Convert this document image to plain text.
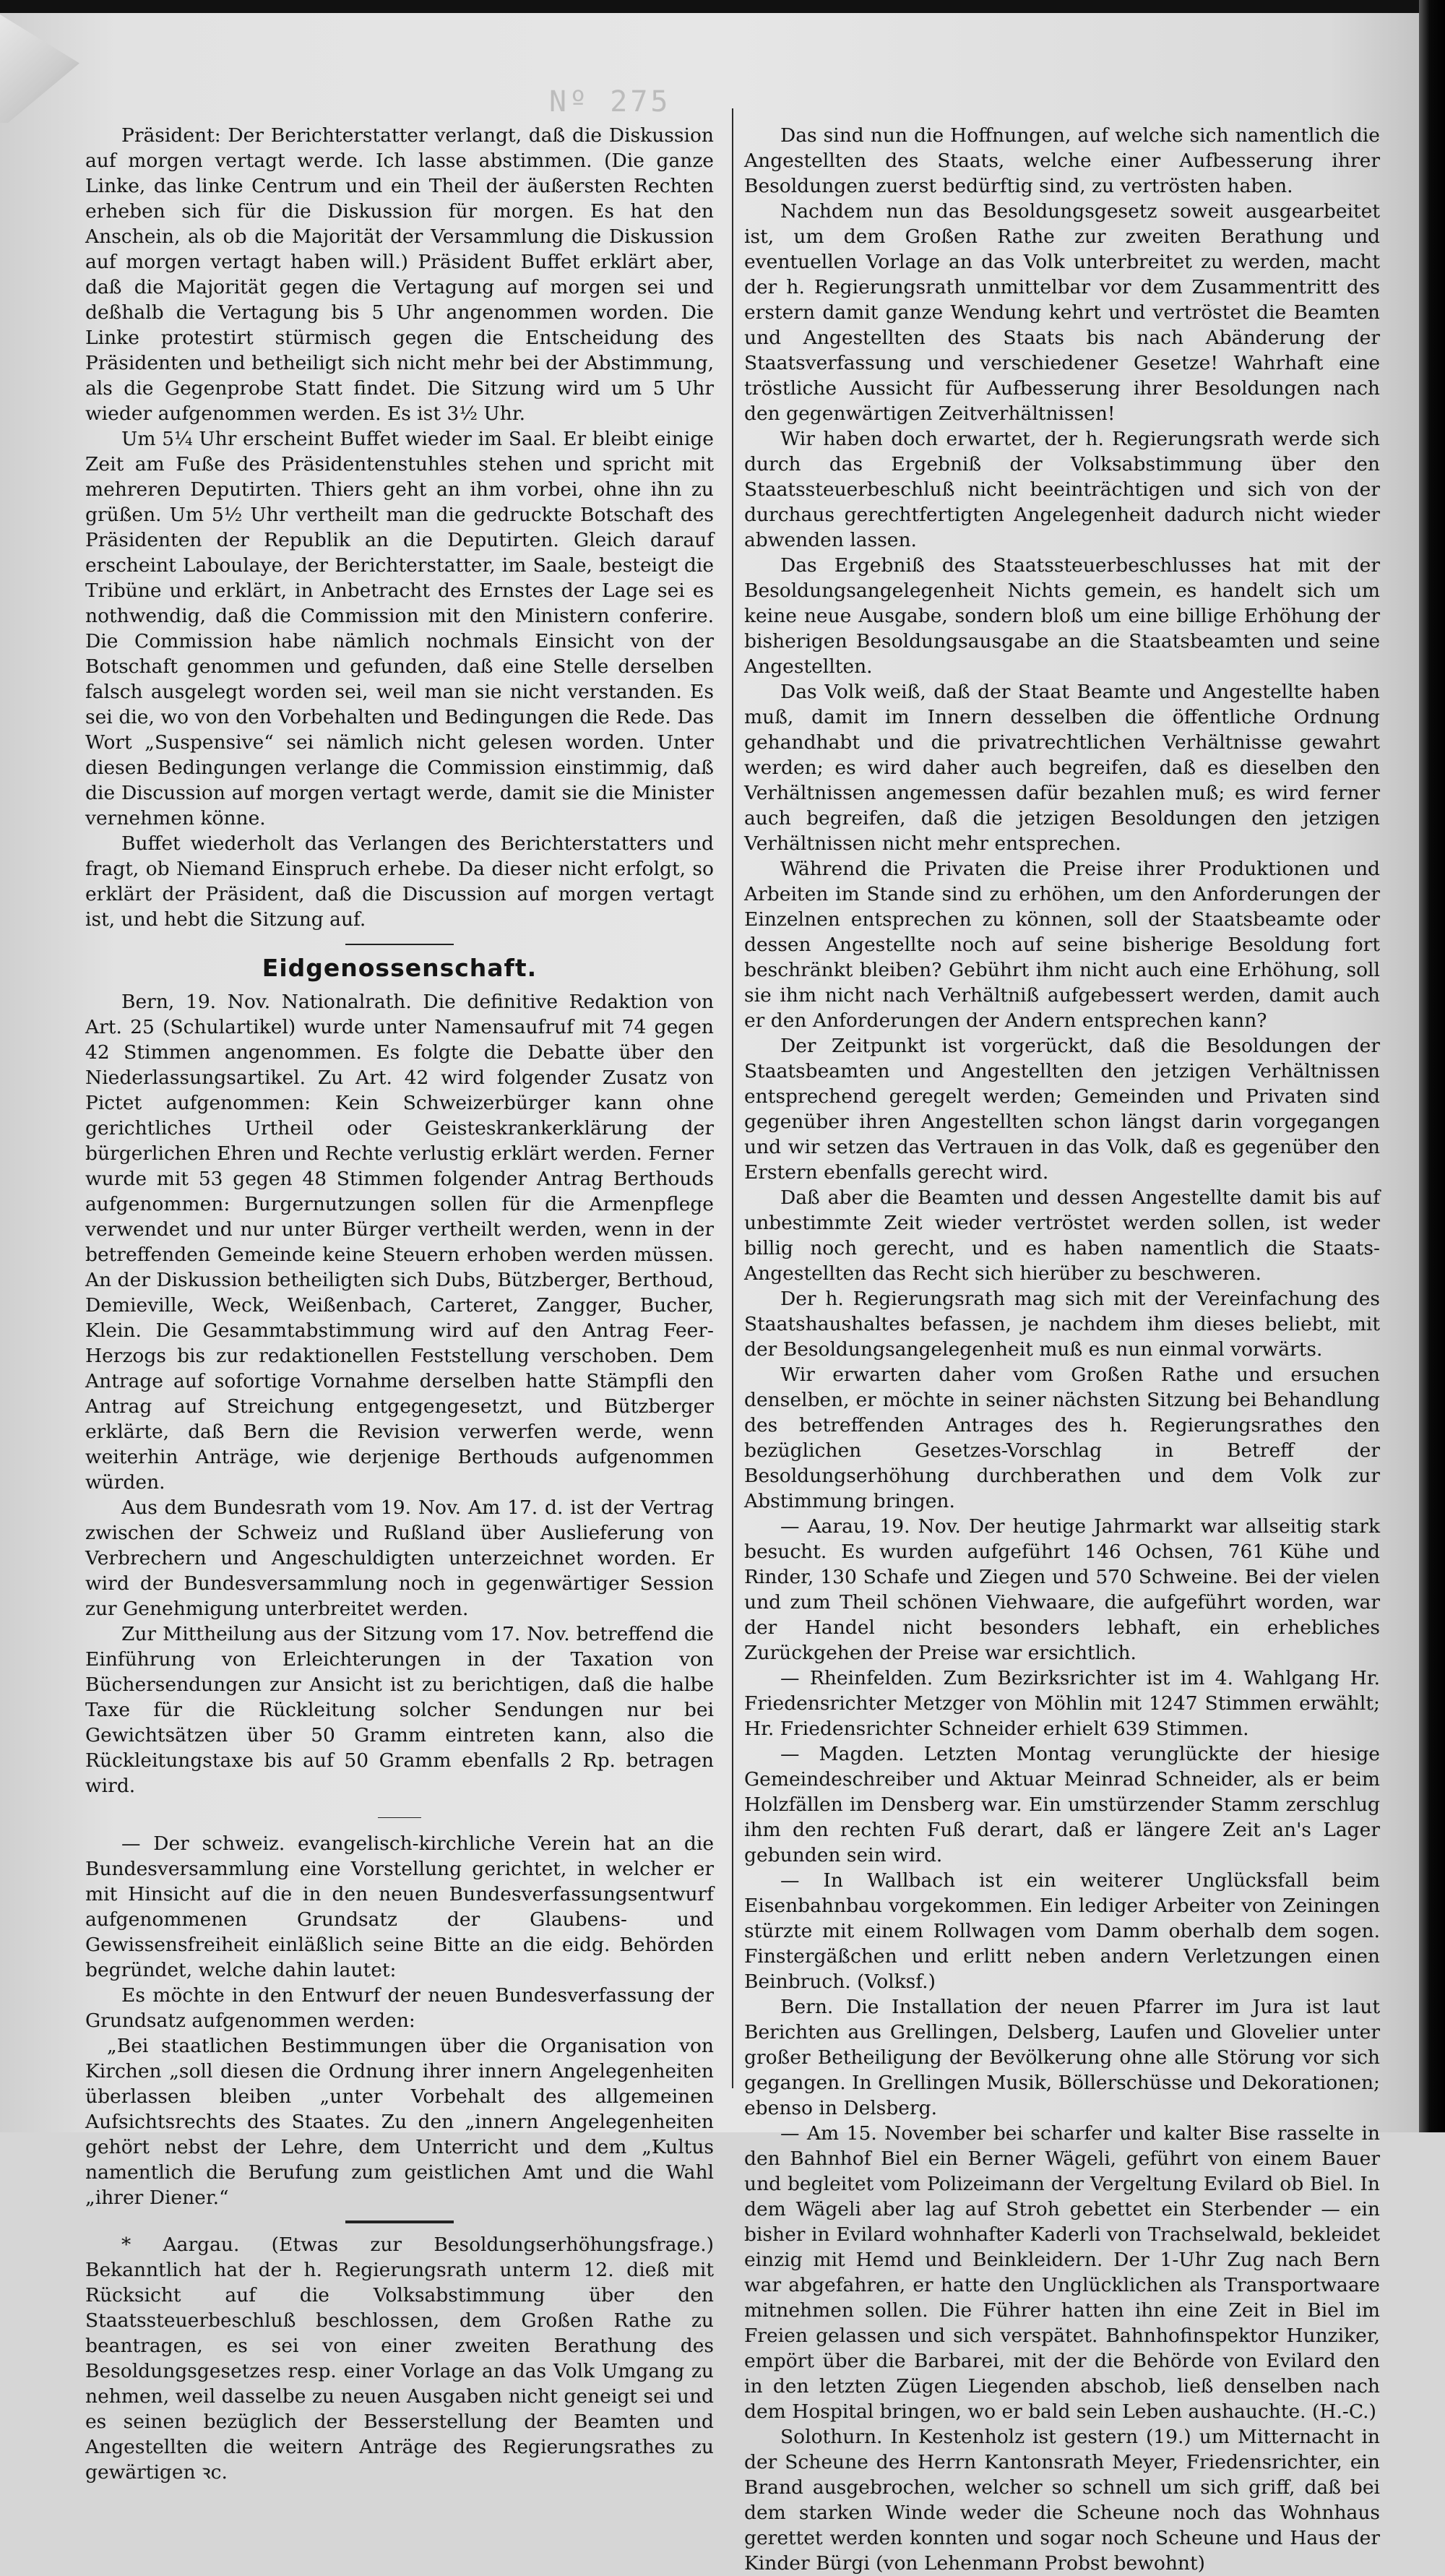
Nº 275

Präsident: Der Berichterstatter verlangt, daß die Diskussion auf morgen vertagt werde. Ich lasse abstimmen. (Die ganze Linke, das linke Centrum und ein Theil der äußersten Rechten erheben sich für die Diskussion für morgen. Es hat den Anschein, als ob die Majorität der Versammlung die Diskussion auf morgen vertagt haben will.) Präsident Buffet erklärt aber, daß die Majorität gegen die Vertagung auf morgen sei und deßhalb die Vertagung bis 5 Uhr angenommen worden. Die Linke protestirt stürmisch gegen die Entscheidung des Präsidenten und betheiligt sich nicht mehr bei der Abstimmung, als die Gegenprobe Statt findet. Die Sitzung wird um 5 Uhr wieder aufgenommen werden. Es ist 3½ Uhr.

Um 5¼ Uhr erscheint Buffet wieder im Saal. Er bleibt einige Zeit am Fuße des Präsidentenstuhles stehen und spricht mit mehreren Deputirten. Thiers geht an ihm vorbei, ohne ihn zu grüßen. Um 5½ Uhr vertheilt man die gedruckte Botschaft des Präsidenten der Republik an die Deputirten. Gleich darauf erscheint Laboulaye, der Berichterstatter, im Saale, besteigt die Tribüne und erklärt, in Anbetracht des Ernstes der Lage sei es nothwendig, daß die Commission mit den Ministern conferire. Die Commission habe nämlich nochmals Einsicht von der Botschaft genommen und gefunden, daß eine Stelle derselben falsch ausgelegt worden sei, weil man sie nicht verstanden. Es sei die, wo von den Vorbehalten und Bedingungen die Rede. Das Wort „Suspensive“ sei nämlich nicht gelesen worden. Unter diesen Bedingungen verlange die Commission einstimmig, daß die Discussion auf morgen vertagt werde, damit sie die Minister vernehmen könne.

Buffet wiederholt das Verlangen des Berichterstatters und fragt, ob Niemand Einspruch erhebe. Da dieser nicht erfolgt, so erklärt der Präsident, daß die Discussion auf morgen vertagt ist, und hebt die Sitzung auf.

Eidgenossenschaft.

Bern, 19. Nov. Nationalrath. Die definitive Redaktion von Art. 25 (Schulartikel) wurde unter Namensaufruf mit 74 gegen 42 Stimmen angenommen. Es folgte die Debatte über den Niederlassungsartikel. Zu Art. 42 wird folgender Zusatz von Pictet aufgenommen: Kein Schweizerbürger kann ohne gerichtliches Urtheil oder Geisteskrankerklärung der bürgerlichen Ehren und Rechte verlustig erklärt werden. Ferner wurde mit 53 gegen 48 Stimmen folgender Antrag Berthouds aufgenommen: Burgernutzungen sollen für die Armenpflege verwendet und nur unter Bürger vertheilt werden, wenn in der betreffenden Gemeinde keine Steuern erhoben werden müssen. An der Diskussion betheiligten sich Dubs, Bützberger, Berthoud, Demieville, Weck, Weißenbach, Carteret, Zangger, Bucher, Klein. Die Gesammtabstimmung wird auf den Antrag Feer-Herzogs bis zur redaktionellen Feststellung verschoben. Dem Antrage auf sofortige Vornahme derselben hatte Stämpfli den Antrag auf Streichung entgegengesetzt, und Bützberger erklärte, daß Bern die Revision verwerfen werde, wenn weiterhin Anträge, wie derjenige Berthouds aufgenommen würden.

Aus dem Bundesrath vom 19. Nov. Am 17. d. ist der Vertrag zwischen der Schweiz und Rußland über Auslieferung von Verbrechern und Angeschuldigten unterzeichnet worden. Er wird der Bundesversammlung noch in gegenwärtiger Session zur Genehmigung unterbreitet werden.

Zur Mittheilung aus der Sitzung vom 17. Nov. betreffend die Einführung von Erleichterungen in der Taxation von Büchersendungen zur Ansicht ist zu berichtigen, daß die halbe Taxe für die Rückleitung solcher Sendungen nur bei Gewichtsätzen über 50 Gramm eintreten kann, also die Rückleitungstaxe bis auf 50 Gramm ebenfalls 2 Rp. betragen wird.

— Der schweiz. evangelisch-kirchliche Verein hat an die Bundesversammlung eine Vorstellung gerichtet, in welcher er mit Hinsicht auf die in den neuen Bundesverfassungsentwurf aufgenommenen Grundsatz der Glaubens- und Gewissensfreiheit einläßlich seine Bitte an die eidg. Behörden begründet, welche dahin lautet:

Es möchte in den Entwurf der neuen Bundesverfassung der Grundsatz aufgenommen werden:

„Bei staatlichen Bestimmungen über die Organisation von Kirchen „soll diesen die Ordnung ihrer innern Angelegenheiten überlassen bleiben „unter Vorbehalt des allgemeinen Aufsichtsrechts des Staates. Zu den „innern Angelegenheiten gehört nebst der Lehre, dem Unterricht und dem „Kultus namentlich die Berufung zum geistlichen Amt und die Wahl „ihrer Diener.“

* Aargau. (Etwas zur Besoldungserhöhungsfrage.) Bekanntlich hat der h. Regierungsrath unterm 12. dieß mit Rücksicht auf die Volksabstimmung über den Staatssteuerbeschluß beschlossen, dem Großen Rathe zu beantragen, es sei von einer zweiten Berathung des Besoldungsgesetzes resp. einer Vorlage an das Volk Umgang zu nehmen, weil dasselbe zu neuen Ausgaben nicht geneigt sei und es seinen bezüglich der Besserstellung der Beamten und Angestellten die weitern Anträge des Regierungsrathes zu gewärtigen ꝛc.

Das sind nun die Hoffnungen, auf welche sich namentlich die Angestellten des Staats, welche einer Aufbesserung ihrer Besoldungen zuerst bedürftig sind, zu vertrösten haben.

Nachdem nun das Besoldungsgesetz soweit ausgearbeitet ist, um dem Großen Rathe zur zweiten Berathung und eventuellen Vorlage an das Volk unterbreitet zu werden, macht der h. Regierungsrath unmittelbar vor dem Zusammentritt des erstern damit ganze Wendung kehrt und vertröstet die Beamten und Angestellten des Staats bis nach Abänderung der Staatsverfassung und verschiedener Gesetze! Wahrhaft eine tröstliche Aussicht für Aufbesserung ihrer Besoldungen nach den gegenwärtigen Zeitverhältnissen!

Wir haben doch erwartet, der h. Regierungsrath werde sich durch das Ergebniß der Volksabstimmung über den Staatssteuerbeschluß nicht beeinträchtigen und sich von der durchaus gerechtfertigten Angelegenheit dadurch nicht wieder abwenden lassen.

Das Ergebniß des Staatssteuerbeschlusses hat mit der Besoldungsangelegenheit Nichts gemein, es handelt sich um keine neue Ausgabe, sondern bloß um eine billige Erhöhung der bisherigen Besoldungsausgabe an die Staatsbeamten und seine Angestellten.

Das Volk weiß, daß der Staat Beamte und Angestellte haben muß, damit im Innern desselben die öffentliche Ordnung gehandhabt und die privatrechtlichen Verhältnisse gewahrt werden; es wird daher auch begreifen, daß es dieselben den Verhältnissen angemessen dafür bezahlen muß; es wird ferner auch begreifen, daß die jetzigen Besoldungen den jetzigen Verhältnissen nicht mehr entsprechen.

Während die Privaten die Preise ihrer Produktionen und Arbeiten im Stande sind zu erhöhen, um den Anforderungen der Einzelnen entsprechen zu können, soll der Staatsbeamte oder dessen Angestellte noch auf seine bisherige Besoldung fort beschränkt bleiben? Gebührt ihm nicht auch eine Erhöhung, soll sie ihm nicht nach Verhältniß aufgebessert werden, damit auch er den Anforderungen der Andern entsprechen kann?

Der Zeitpunkt ist vorgerückt, daß die Besoldungen der Staatsbeamten und Angestellten den jetzigen Verhältnissen entsprechend geregelt werden; Gemeinden und Privaten sind gegenüber ihren Angestellten schon längst darin vorgegangen und wir setzen das Vertrauen in das Volk, daß es gegenüber den Erstern ebenfalls gerecht wird.

Daß aber die Beamten und dessen Angestellte damit bis auf unbestimmte Zeit wieder vertröstet werden sollen, ist weder billig noch gerecht, und es haben namentlich die Staats-Angestellten das Recht sich hierüber zu beschweren.

Der h. Regierungsrath mag sich mit der Vereinfachung des Staatshaushaltes befassen, je nachdem ihm dieses beliebt, mit der Besoldungsangelegenheit muß es nun einmal vorwärts.

Wir erwarten daher vom Großen Rathe und ersuchen denselben, er möchte in seiner nächsten Sitzung bei Behandlung des betreffenden Antrages des h. Regierungsrathes den bezüglichen Gesetzes-Vorschlag in Betreff der Besoldungserhöhung durchberathen und dem Volk zur Abstimmung bringen.

— Aarau, 19. Nov. Der heutige Jahrmarkt war allseitig stark besucht. Es wurden aufgeführt 146 Ochsen, 761 Kühe und Rinder, 130 Schafe und Ziegen und 570 Schweine. Bei der vielen und zum Theil schönen Viehwaare, die aufgeführt worden, war der Handel nicht besonders lebhaft, ein erhebliches Zurückgehen der Preise war ersichtlich.

— Rheinfelden. Zum Bezirksrichter ist im 4. Wahlgang Hr. Friedensrichter Metzger von Möhlin mit 1247 Stimmen erwählt; Hr. Friedensrichter Schneider erhielt 639 Stimmen.

— Magden. Letzten Montag verunglückte der hiesige Gemeindeschreiber und Aktuar Meinrad Schneider, als er beim Holzfällen im Densberg war. Ein umstürzender Stamm zerschlug ihm den rechten Fuß derart, daß er längere Zeit an's Lager gebunden sein wird.

— In Wallbach ist ein weiterer Unglücksfall beim Eisenbahnbau vorgekommen. Ein lediger Arbeiter von Zeiningen stürzte mit einem Rollwagen vom Damm oberhalb dem sogen. Finstergäßchen und erlitt neben andern Verletzungen einen Beinbruch. (Volksf.)

Bern. Die Installation der neuen Pfarrer im Jura ist laut Berichten aus Grellingen, Delsberg, Laufen und Glovelier unter großer Betheiligung der Bevölkerung ohne alle Störung vor sich gegangen. In Grellingen Musik, Böllerschüsse und Dekorationen; ebenso in Delsberg.

— Am 15. November bei scharfer und kalter Bise rasselte in den Bahnhof Biel ein Berner Wägeli, geführt von einem Bauer und begleitet vom Polizeimann der Vergeltung Evilard ob Biel. In dem Wägeli aber lag auf Stroh gebettet ein Sterbender — ein bisher in Evilard wohnhafter Kaderli von Trachselwald, bekleidet einzig mit Hemd und Beinkleidern. Der 1-Uhr Zug nach Bern war abgefahren, er hatte den Unglücklichen als Transportwaare mitnehmen sollen. Die Führer hatten ihn eine Zeit in Biel im Freien gelassen und sich verspätet. Bahnhofinspektor Hunziker, empört über die Barbarei, mit der die Behörde von Evilard den in den letzten Zügen Liegenden abschob, ließ denselben nach dem Hospital bringen, wo er bald sein Leben aushauchte. (H.-C.)

Solothurn. In Kestenholz ist gestern (19.) um Mitternacht in der Scheune des Herrn Kantonsrath Meyer, Friedensrichter, ein Brand ausgebrochen, welcher so schnell um sich griff, daß bei dem starken Winde weder die Scheune noch das Wohnhaus gerettet werden konnten und sogar noch Scheune und Haus der Kinder Bürgi (von Lehenmann Probst bewohnt)
